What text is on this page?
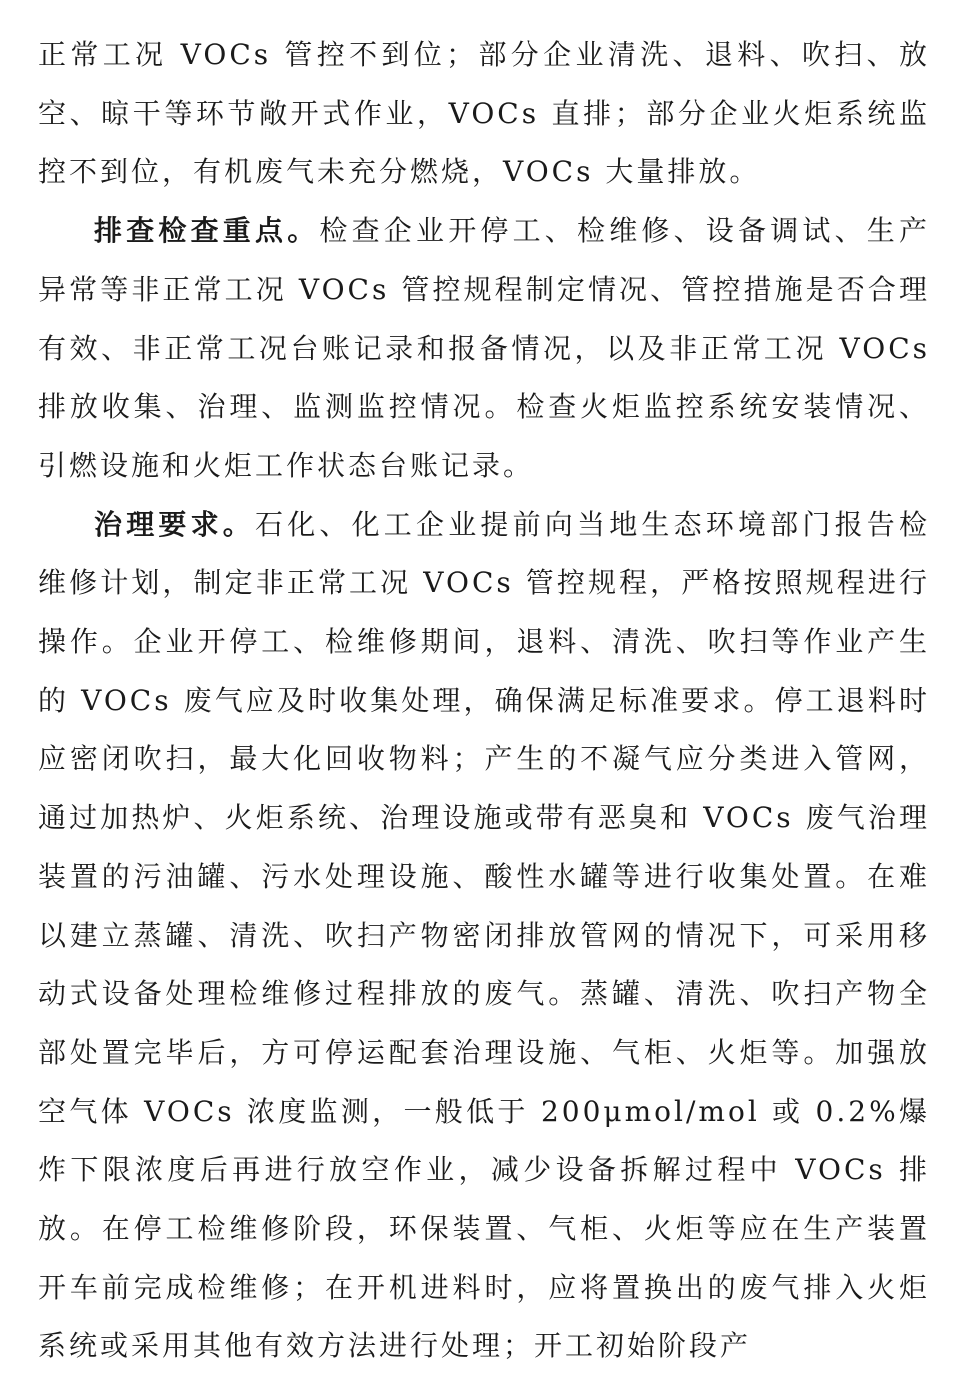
正常工况 VOCs 管控不到位；部分企业清洗、退料、吹扫、放空、晾干等环节敞开式作业，VOCs 直排；部分企业火炬系统监控不到位，有机废气未充分燃烧，VOCs 大量排放。

排查检查重点。检查企业开停工、检维修、设备调试、生产异常等非正常工况 VOCs 管控规程制定情况、管控措施是否合理有效、非正常工况台账记录和报备情况，以及非正常工况 VOCs 排放收集、治理、监测监控情况。检查火炬监控系统安装情况、引燃设施和火炬工作状态台账记录。

治理要求。石化、化工企业提前向当地生态环境部门报告检维修计划，制定非正常工况 VOCs 管控规程，严格按照规程进行操作。企业开停工、检维修期间，退料、清洗、吹扫等作业产生的 VOCs 废气应及时收集处理，确保满足标准要求。停工退料时应密闭吹扫，最大化回收物料；产生的不凝气应分类进入管网，通过加热炉、火炬系统、治理设施或带有恶臭和 VOCs 废气治理装置的污油罐、污水处理设施、酸性水罐等进行收集处置。在难以建立蒸罐、清洗、吹扫产物密闭排放管网的情况下，可采用移动式设备处理检维修过程排放的废气。蒸罐、清洗、吹扫产物全部处置完毕后，方可停运配套治理设施、气柜、火炬等。加强放空气体 VOCs 浓度监测，一般低于 200μmol/mol 或 0.2%爆炸下限浓度后再进行放空作业，减少设备拆解过程中 VOCs 排放。在停工检维修阶段，环保装置、气柜、火炬等应在生产装置开车前完成检维修；在开机进料时，应将置换出的废气排入火炬系统或采用其他有效方法进行处理；开工初始阶段产
